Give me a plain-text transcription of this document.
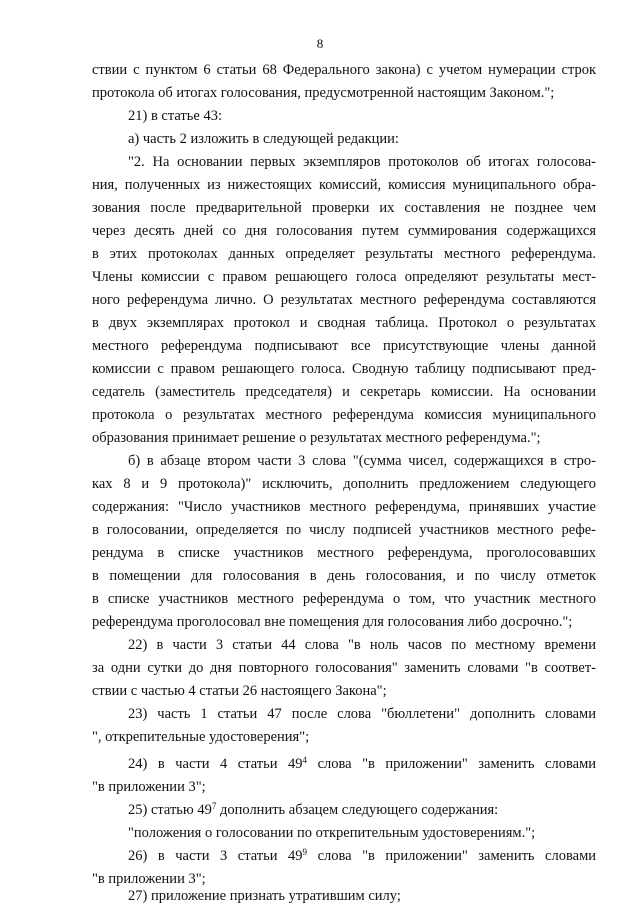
8
ствии с пунктом 6 статьи 68 Федерального закона) с учетом нумерации строк
протокола об итогах голосования, предусмотренной настоящим Законом.";
21) в статье 43:
а) часть 2 изложить в следующей редакции:
"2. На основании первых экземпляров протоколов об итогах голосова-
ния, полученных из нижестоящих комиссий, комиссия муниципального обра-
зования после предварительной проверки их составления не позднее чем
через десять дней со дня голосования путем суммирования содержащихся
в этих протоколах данных определяет результаты местного референдума.
Члены комиссии с правом решающего голоса определяют результаты мест-
ного референдума лично. О результатах местного референдума составляются
в двух экземплярах протокол и сводная таблица. Протокол о результатах
местного референдума подписывают все присутствующие члены данной
комиссии с правом решающего голоса. Сводную таблицу подписывают пред-
седатель (заместитель председателя) и секретарь комиссии. На основании
протокола о результатах местного референдума комиссия муниципального
образования принимает решение о результатах местного референдума.";
б) в абзаце втором части 3 слова "(сумма чисел, содержащихся в стро-
ках 8 и 9 протокола)" исключить, дополнить предложением следующего
содержания: "Число участников местного референдума, принявших участие
в голосовании, определяется по числу подписей участников местного рефе-
рендума в списке участников местного референдума, проголосовавших
в помещении для голосования в день голосования, и по числу отметок
в списке участников местного референдума о том, что участник местного
референдума проголосовал вне помещения для голосования либо досрочно.";
22) в части 3 статьи 44 слова "в ноль часов по местному времени
за одни сутки до дня повторного голосования" заменить словами "в соответ-
ствии с частью 4 статьи 26 настоящего Закона";
23) часть 1 статьи 47 после слова "бюллетени" дополнить словами
", открепительные удостоверения";
24) в части 4 статьи $49^4$ слова "в приложении" заменить словами
"в приложении 3";
25) статью $49^7$ дополнить абзацем следующего содержания:
"положения о голосовании по открепительным удостоверениям.";
26) в части 3 статьи $49^9$ слова "в приложении" заменить словами
"в приложении 3";
27) приложение признать утратившим силу;
